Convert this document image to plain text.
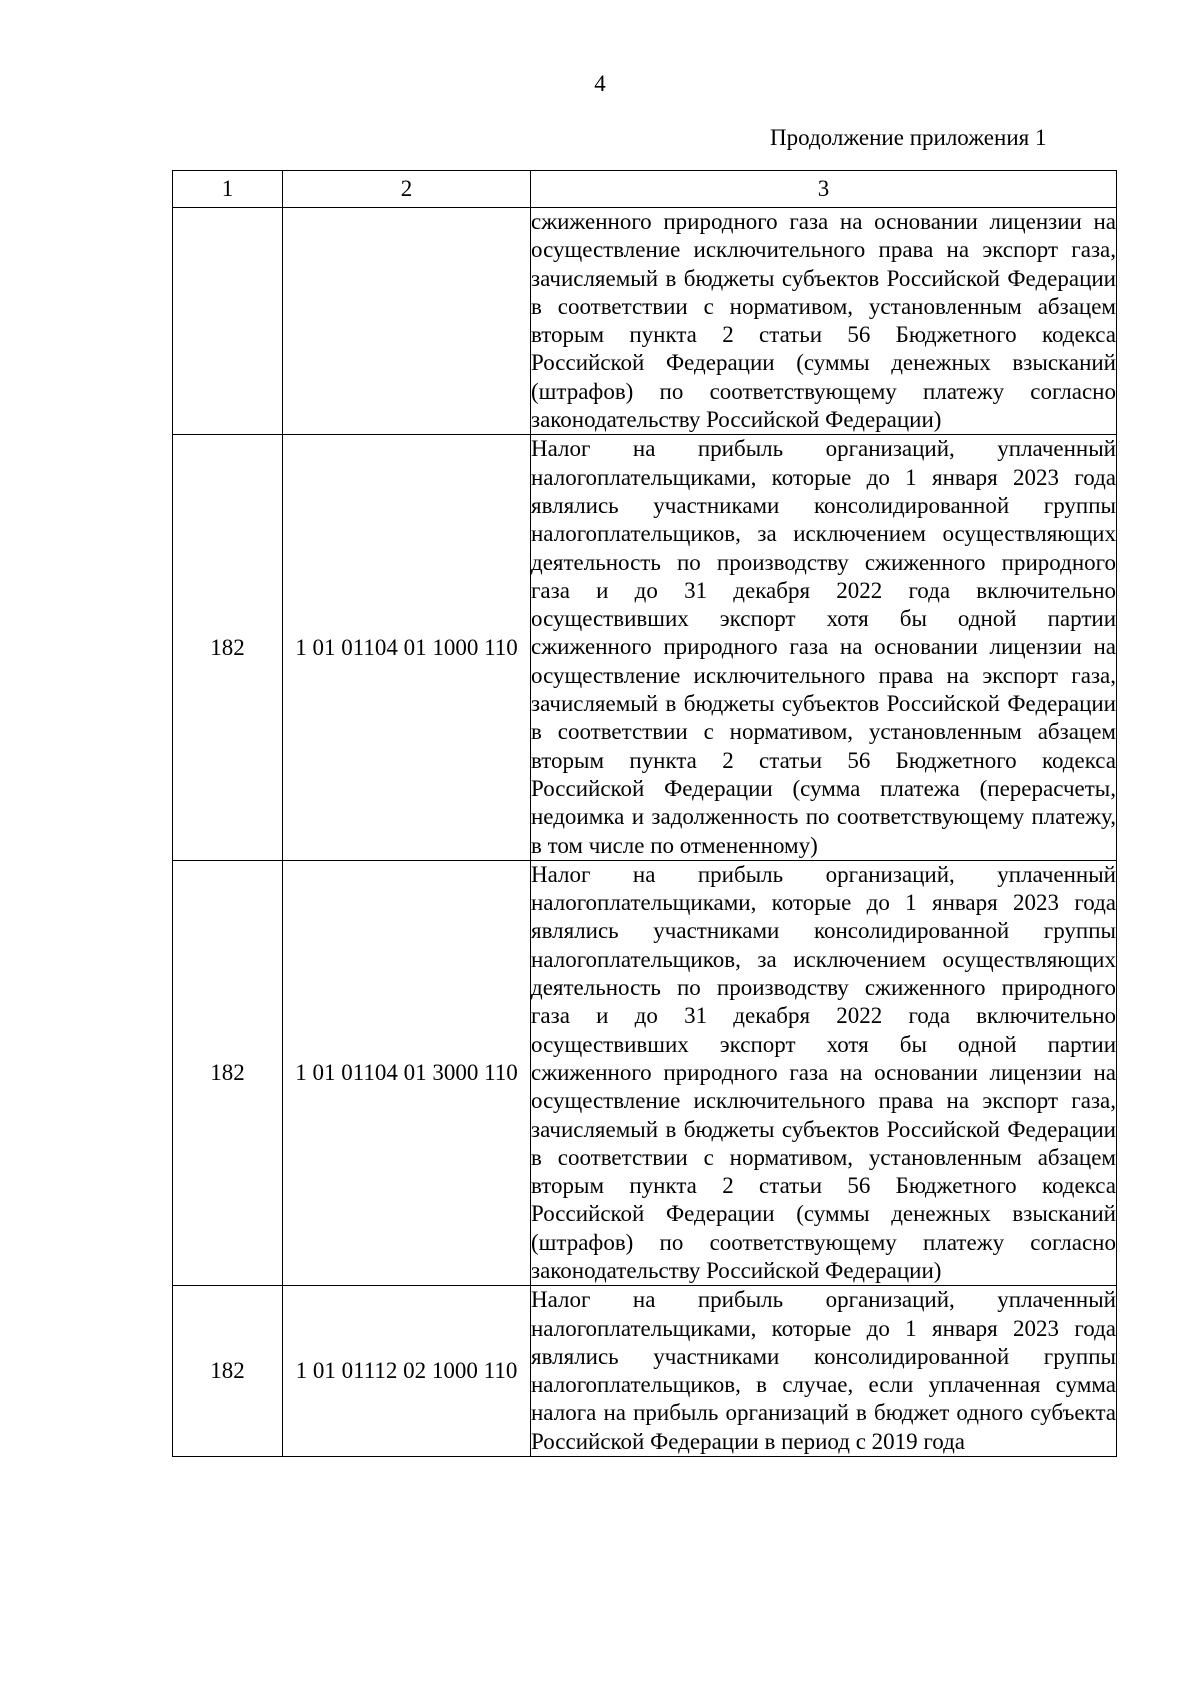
4
Продолжение приложения 1
1	2	3
		сжиженного природного газа на основании лицензии на осуществление исключительного права на экспорт газа, зачисляемый в бюджеты субъектов Российской Федерации в соответствии с нормативом, установленным абзацем вторым пункта 2 статьи 56 Бюджетного кодекса Российской Федерации (суммы денежных взысканий (штрафов) по соответствующему платежу согласно законодательству Российской Федерации)
182	1 01 01104 01 1000 110	Налог на прибыль организаций, уплаченный налогоплательщиками, которые до 1 января 2023 года являлись участниками консолидированной группы налогоплательщиков, за исключением осуществляющих деятельность по производству сжиженного природного газа и до 31 декабря 2022 года включительно осуществивших экспорт хотя бы одной партии сжиженного природного газа на основании лицензии на осуществление исключительного права на экспорт газа, зачисляемый в бюджеты субъектов Российской Федерации в соответствии с нормативом, установленным абзацем вторым пункта 2 статьи 56 Бюджетного кодекса Российской Федерации (сумма платежа (перерасчеты, недоимка и задолженность по соответствующему платежу, в том числе по отмененному)
182	1 01 01104 01 3000 110	Налог на прибыль организаций, уплаченный налогоплательщиками, которые до 1 января 2023 года являлись участниками консолидированной группы налогоплательщиков, за исключением осуществляющих деятельность по производству сжиженного природного газа и до 31 декабря 2022 года включительно осуществивших экспорт хотя бы одной партии сжиженного природного газа на основании лицензии на осуществление исключительного права на экспорт газа, зачисляемый в бюджеты субъектов Российской Федерации в соответствии с нормативом, установленным абзацем вторым пункта 2 статьи 56 Бюджетного кодекса Российской Федерации (суммы денежных взысканий (штрафов) по соответствующему платежу согласно законодательству Российской Федерации)
182	1 01 01112 02 1000 110	Налог на прибыль организаций, уплаченный налогоплательщиками, которые до 1 января 2023 года являлись участниками консолидированной группы налогоплательщиков, в случае, если уплаченная сумма налога на прибыль организаций в бюджет одного субъекта Российской Федерации в период с 2019 года
